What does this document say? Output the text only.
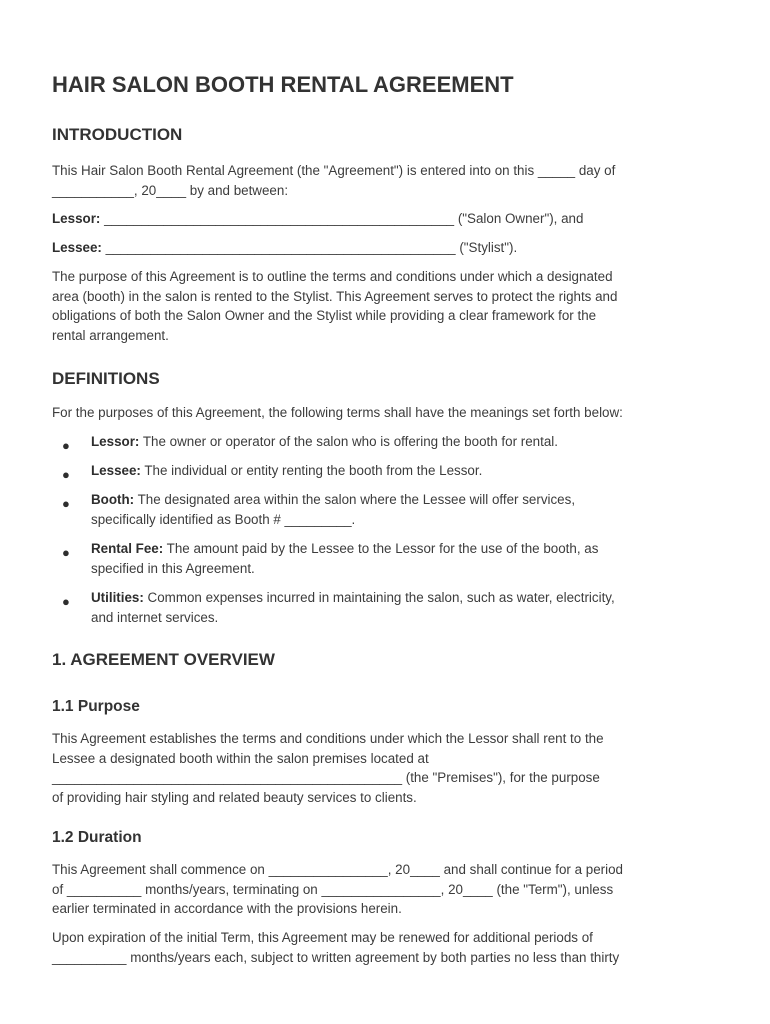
HAIR SALON BOOTH RENTAL AGREEMENT
INTRODUCTION
This Hair Salon Booth Rental Agreement (the "Agreement") is entered into on this _____ day of
___________, 20____ by and between:
Lessor: _______________________________________________ ("Salon Owner"), and
Lessee: _______________________________________________ ("Stylist").
The purpose of this Agreement is to outline the terms and conditions under which a designated
area (booth) in the salon is rented to the Stylist. This Agreement serves to protect the rights and
obligations of both the Salon Owner and the Stylist while providing a clear framework for the
rental arrangement.
DEFINITIONS
For the purposes of this Agreement, the following terms shall have the meanings set forth below:
● Lessor: The owner or operator of the salon who is offering the booth for rental.
● Lessee: The individual or entity renting the booth from the Lessor.
● Booth: The designated area within the salon where the Lessee will offer services,
specifically identified as Booth # _________.
● Rental Fee: The amount paid by the Lessee to the Lessor for the use of the booth, as
specified in this Agreement.
● Utilities: Common expenses incurred in maintaining the salon, such as water, electricity,
and internet services.
1. AGREEMENT OVERVIEW
1.1 Purpose
This Agreement establishes the terms and conditions under which the Lessor shall rent to the
Lessee a designated booth within the salon premises located at
_______________________________________________ (the "Premises"), for the purpose
of providing hair styling and related beauty services to clients.
1.2 Duration
This Agreement shall commence on ________________, 20____ and shall continue for a period
of __________ months/years, terminating on ________________, 20____ (the "Term"), unless
earlier terminated in accordance with the provisions herein.
Upon expiration of the initial Term, this Agreement may be renewed for additional periods of
__________ months/years each, subject to written agreement by both parties no less than thirty
